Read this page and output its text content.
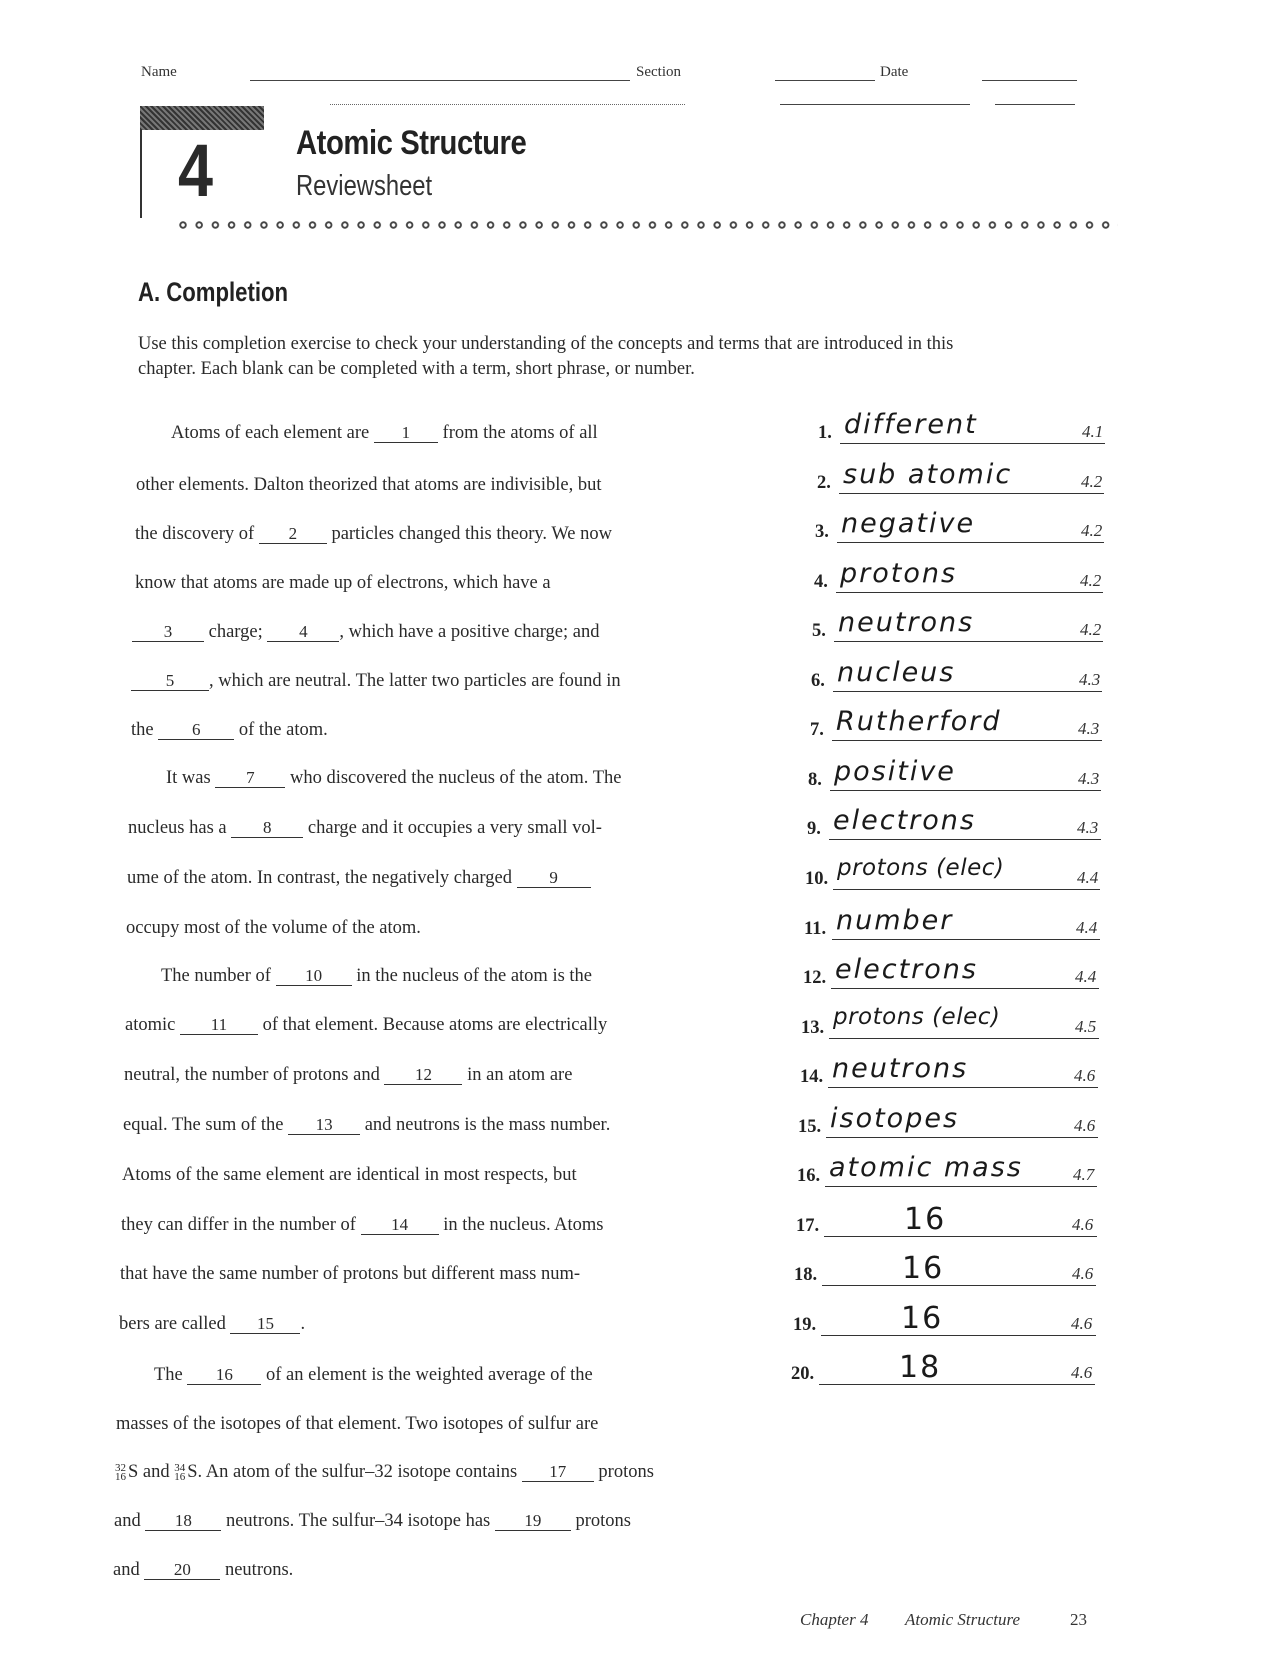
Name	Section	Date
4 Atomic Structure
Reviewsheet
A. Completion
Use this completion exercise to check your understanding of the concepts and terms that are introduced in this chapter. Each blank can be completed with a term, short phrase, or number.
Atoms of each element are 1 from the atoms of all
other elements. Dalton theorized that atoms are indivisible, but
the discovery of 2 particles changed this theory. We now
know that atoms are made up of electrons, which have a
3 charge; 4 , which have a positive charge; and
5 , which are neutral. The latter two particles are found in
the 6 of the atom.
It was 7 who discovered the nucleus of the atom. The
nucleus has a 8 charge and it occupies a very small vol-
ume of the atom. In contrast, the negatively charged 9
occupy most of the volume of the atom.
The number of 10 in the nucleus of the atom is the
atomic 11 of that element. Because atoms are electrically
neutral, the number of protons and 12 in an atom are
equal. The sum of the 13 and neutrons is the mass number.
Atoms of the same element are identical in most respects, but
they can differ in the number of 14 in the nucleus. Atoms
that have the same number of protons but different mass num-
bers are called 15 .
The 16 of an element is the weighted average of the
masses of the isotopes of that element. Two isotopes of sulfur are
32
16 S and 34
16 S. An atom of the sulfur–32 isotope contains 17 protons
and 18 neutrons. The sulfur–34 isotope has 19 protons
and 20 neutrons.
1. different	4.1
2. sub atomic	4.2
3. negative	4.2
4. protons	4.2
5. neutrons	4.2
6. nucleus	4.3
7. Rutherford	4.3
8. positive	4.3
9. electrons	4.3
10. protons (elec)	4.4
11. number	4.4
12. electrons	4.4
13. protons (elec)	4.5
14. neutrons	4.6
15. isotopes	4.6
16. atomic mass	4.7
17.	16	4.6
18.	16	4.6
19.	16	4.6
20.	18	4.6
Chapter 4 Atomic Structure	23
